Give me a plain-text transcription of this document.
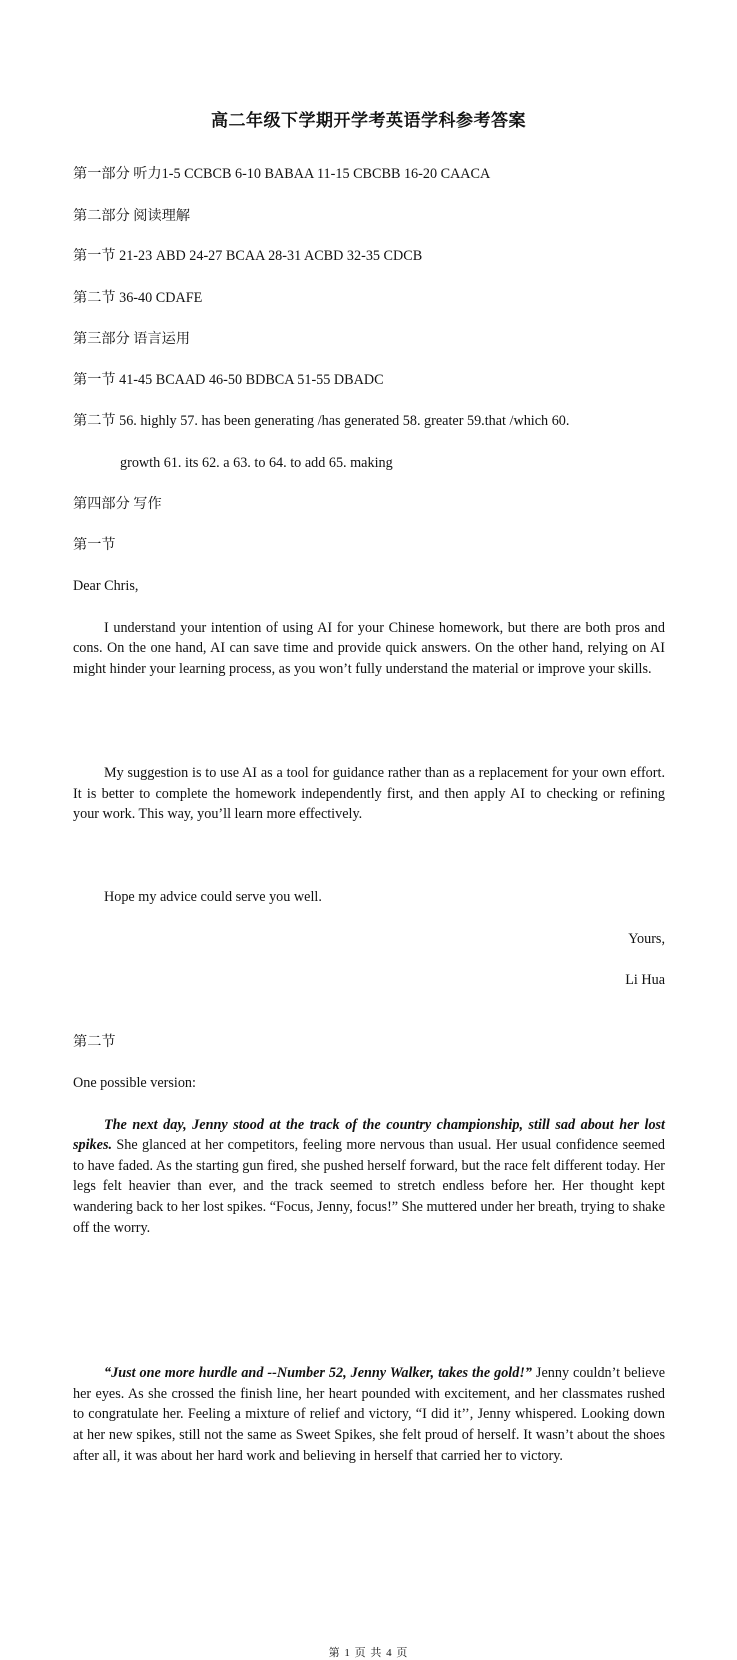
高二年级下学期开学考英语学科参考答案
第一部分 听力1-5 CCBCB 6-10 BABAA 11-15 CBCBB 16-20 CAACA
第二部分 阅读理解
第一节 21-23 ABD 24-27 BCAA 28-31 ACBD 32-35 CDCB
第二节 36-40 CDAFE
第三部分 语言运用
第一节 41-45 BCAAD 46-50 BDBCA 51-55 DBADC
第二节 56. highly 57. has been generating /has generated 58. greater 59.that /which 60.
growth 61. its 62. a 63. to 64. to add 65. making
第四部分 写作
第一节
Dear Chris,
I understand your intention of using AI for your Chinese homework, but there are both pros and cons. On the one hand, AI can save time and provide quick answers. On the other hand, relying on AI might hinder your learning process, as you won’t fully understand the material or improve your skills.
My suggestion is to use AI as a tool for guidance rather than as a replacement for your own effort. It is better to complete the homework independently first, and then apply AI to checking or refining your work. This way, you’ll learn more effectively.
Hope my advice could serve you well.
Yours,
Li Hua
第二节
One possible version:
The next day, Jenny stood at the track of the country championship, still sad about her lost spikes. She glanced at her competitors, feeling more nervous than usual. Her usual confidence seemed to have faded. As the starting gun fired, she pushed herself forward, but the race felt different today. Her legs felt heavier than ever, and the track seemed to stretch endless before her. Her thought kept wandering back to her lost spikes. “Focus, Jenny, focus!” She muttered under her breath, trying to shake off the worry.
“Just one more hurdle and --Number 52, Jenny Walker, takes the gold!” Jenny couldn’t believe her eyes. As she crossed the finish line, her heart pounded with excitement, and her classmates rushed to congratulate her. Feeling a mixture of relief and victory, “I did it’’, Jenny whispered. Looking down at her new spikes, still not the same as Sweet Spikes, she felt proud of herself. It wasn’t about the shoes after all, it was about her hard work and believing in herself that carried her to victory.
第 1 页 共 4 页
